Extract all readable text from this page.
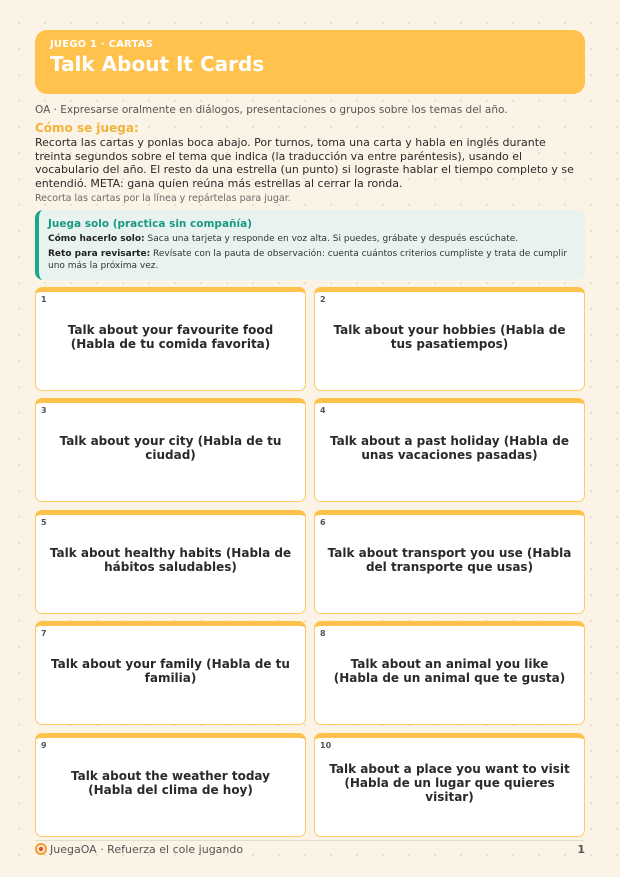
JUEGO 1 · CARTAS
Talk About It Cards
OA · Expresarse oralmente en diálogos, presentaciones o grupos sobre los temas del año.
Cómo se juega:
Recorta las cartas y ponlas boca abajo. Por turnos, toma una carta y habla en inglés durante treinta segundos sobre el tema que indica (la traducción va entre paréntesis), usando el vocabulario del año. El resto da una estrella (un punto) si lograste hablar el tiempo completo y se entendió. META: gana quien reúna más estrellas al cerrar la ronda.
Recorta las cartas por la línea y repártelas para jugar.
Juega solo (practica sin compañía)
Cómo hacerlo solo: Saca una tarjeta y responde en voz alta. Si puedes, grábate y después escúchate.
Reto para revisarte: Revísate con la pauta de observación: cuenta cuántos criterios cumpliste y trata de cumplir uno más la próxima vez.
1
Talk about your favourite food (Habla de tu comida favorita)
2
Talk about your hobbies (Habla de tus pasatiempos)
3
Talk about your city (Habla de tu ciudad)
4
Talk about a past holiday (Habla de unas vacaciones pasadas)
5
Talk about healthy habits (Habla de hábitos saludables)
6
Talk about transport you use (Habla del transporte que usas)
7
Talk about your family (Habla de tu familia)
8
Talk about an animal you like (Habla de un animal que te gusta)
9
Talk about the weather today (Habla del clima de hoy)
10
Talk about a place you want to visit (Habla de un lugar que quieres visitar)
JuegaOA · Refuerza el cole jugando	1
